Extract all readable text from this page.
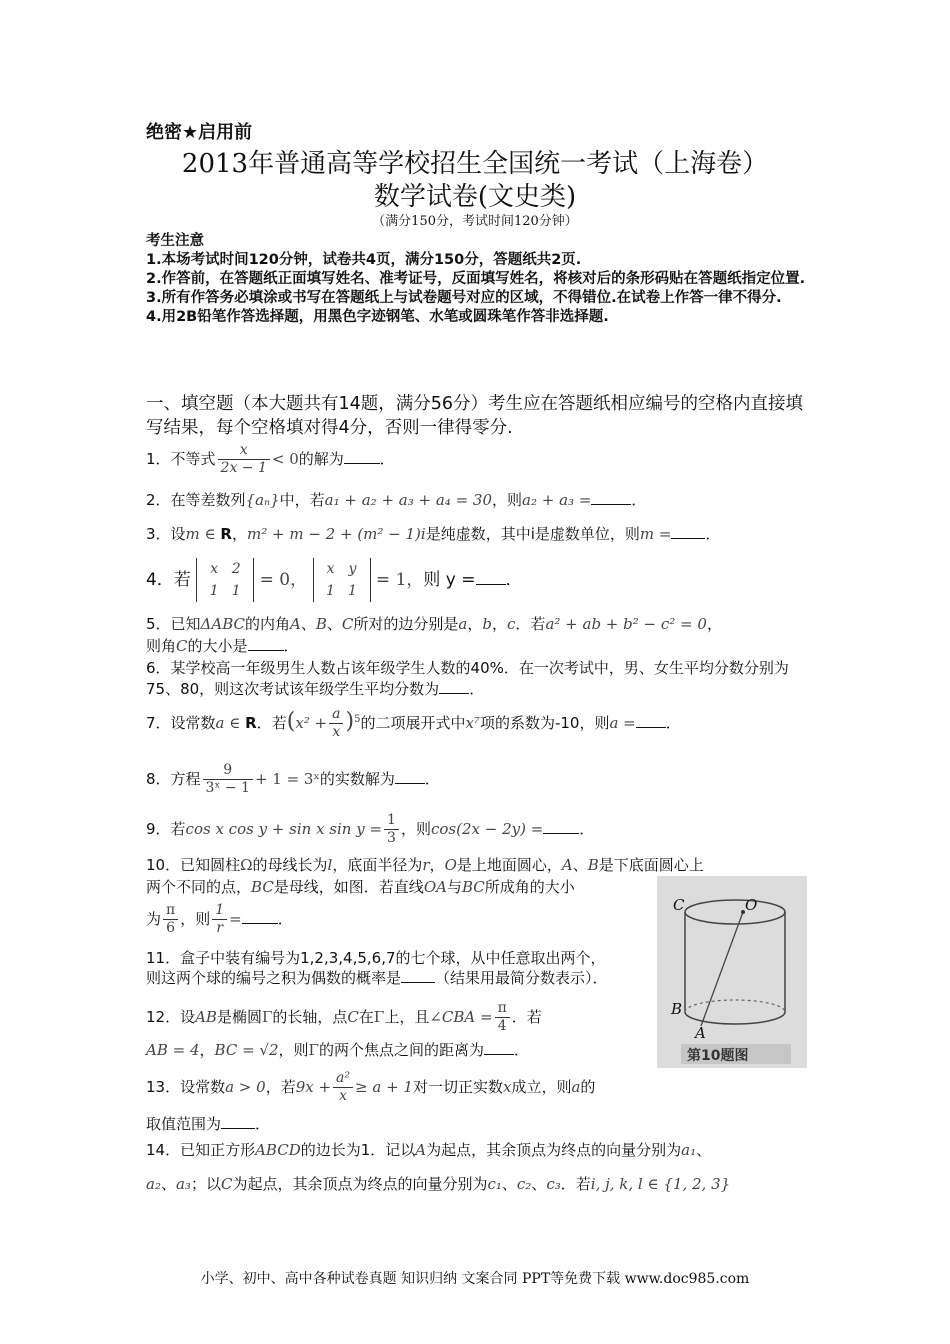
绝密★启用前
2013年普通高等学校招生全国统一考试（上海卷）
数学试卷(文史类)
（满分150分，考试时间120分钟）
考生注意
1.本场考试时间120分钟，试卷共4页，满分150分，答题纸共2页.
2.作答前，在答题纸正面填写姓名、准考证号，反面填写姓名，将核对后的条形码贴在答题纸指定位置.
3.所有作答务必填涂或书写在答题纸上与试卷题号对应的区域，不得错位.在试卷上作答一律不得分.
4.用2B铅笔作答选择题，用黑色字迹钢笔、水笔或圆珠笔作答非选择题.
一、填空题（本大题共有14题，满分56分）考生应在答题纸相应编号的空格内直接填写结果，每个空格填对得4分，否则一律得零分.
1．不等式 $\frac{x}{2x - 1} < 0$的解为 ．
2．在等差数列{aₙ}中，若a₁ + a₂ + a₃ + a₄ = 30，则a₂ + a₃ =	．
3．设m ∈ R，m² + m − 2 + (m² − 1)i是纯虚数，其中i是虚数单位，则m = ．
4．若 x 2
1 1 = 0， x y
1 1 = 1，则 y = ．
5．已知ΔABC的内角A、B、C所对的边分别是a，b，c．若a² + ab + b² − c² = 0，
则角C的大小是 ．
6．某学校高一年级男生人数占该年级学生人数的40%．在一次考试中，男、女生平均分数分别为75、80，则这次考试该年级学生平均分数为 ．
7．设常数a ∈ R．若$(x^2 + \frac{a}{x} )^5$的二项展开式中x⁷项的系数为-10，则a = ．
8．方程 $\frac{9}{\text{3ˣ − 1}} + 1$ = 3ˣ的实数解为 ．
9．若cos x cos y + sin x $\sin y = \frac{1}{3}$ ，则cos(2x − 2y) = ．
10．已知圆柱Ω的母线长为l，底面半径为r，O是上地面圆心，A、B是下底面圆心上
两个不同的点，BC是母线，如图．若直线OA与BC所成角的大小
为 $\frac{\pi}{6}$ ，则 $\frac{1}{r}$ = ．
11．盒子中装有编号为1,2,3,4,5,6,7的七个球，从中任意取出两个，
则这两个球的编号之积为偶数的概率是 （结果用最简分数表示）．
12．设AB是椭圆Γ的长轴，点C在Γ上，且∠CBA = $\frac{\pi}{4}$ ．若
AB = 4，BC = √2，则Γ的两个焦点之间的距离为 ．
13．设常数a > 0，若$9x + \frac{\text{a²}}{x} \ge a + 1$对一切正实数x成立，则a的
取值范围为 ．
14．已知正方形ABCD的边长为1．记以A为起点，其余顶点为终点的向量分别为a₁、
a₂、a₃；以C为起点，其余顶点为终点的向量分别为c₁、c₂、c₃．若i, j, k, l ∈ {1, 2, 3}
C	O
B
A
第10题图
小学、初中、高中各种试卷真题 知识归纳 文案合同 PPT等免费下载 www.doc985.com
